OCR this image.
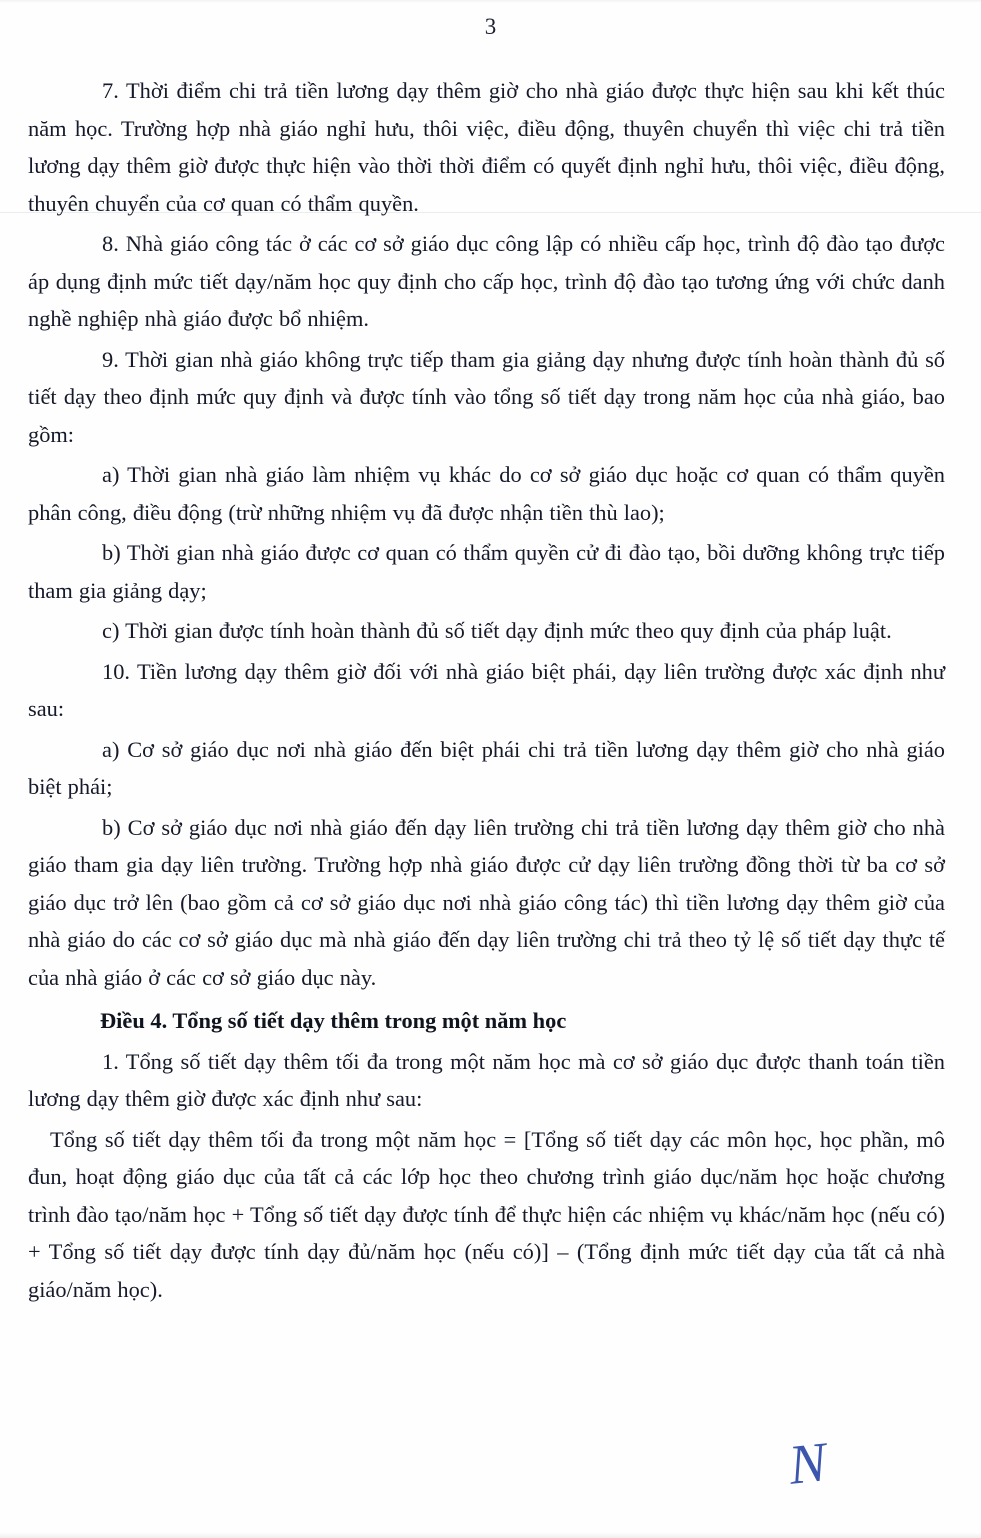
3

7. Thời điểm chi trả tiền lương dạy thêm giờ cho nhà giáo được thực hiện sau khi kết thúc năm học. Trường hợp nhà giáo nghỉ hưu, thôi việc, điều động, thuyên chuyển thì việc chi trả tiền lương dạy thêm giờ được thực hiện vào thời thời điểm có quyết định nghỉ hưu, thôi việc, điều động, thuyên chuyển của cơ quan có thẩm quyền.

8. Nhà giáo công tác ở các cơ sở giáo dục công lập có nhiều cấp học, trình độ đào tạo được áp dụng định mức tiết dạy/năm học quy định cho cấp học, trình độ đào tạo tương ứng với chức danh nghề nghiệp nhà giáo được bổ nhiệm.

9. Thời gian nhà giáo không trực tiếp tham gia giảng dạy nhưng được tính hoàn thành đủ số tiết dạy theo định mức quy định và được tính vào tổng số tiết dạy trong năm học của nhà giáo, bao gồm:

a) Thời gian nhà giáo làm nhiệm vụ khác do cơ sở giáo dục hoặc cơ quan có thẩm quyền phân công, điều động (trừ những nhiệm vụ đã được nhận tiền thù lao);

b) Thời gian nhà giáo được cơ quan có thẩm quyền cử đi đào tạo, bồi dưỡng không trực tiếp tham gia giảng dạy;

c) Thời gian được tính hoàn thành đủ số tiết dạy định mức theo quy định của pháp luật.

10. Tiền lương dạy thêm giờ đối với nhà giáo biệt phái, dạy liên trường được xác định như sau:

a) Cơ sở giáo dục nơi nhà giáo đến biệt phái chi trả tiền lương dạy thêm giờ cho nhà giáo biệt phái;

b) Cơ sở giáo dục nơi nhà giáo đến dạy liên trường chi trả tiền lương dạy thêm giờ cho nhà giáo tham gia dạy liên trường. Trường hợp nhà giáo được cử dạy liên trường đồng thời từ ba cơ sở giáo dục trở lên (bao gồm cả cơ sở giáo dục nơi nhà giáo công tác) thì tiền lương dạy thêm giờ của nhà giáo do các cơ sở giáo dục mà nhà giáo đến dạy liên trường chi trả theo tỷ lệ số tiết dạy thực tế của nhà giáo ở các cơ sở giáo dục này.

Điều 4. Tổng số tiết dạy thêm trong một năm học

1. Tổng số tiết dạy thêm tối đa trong một năm học mà cơ sở giáo dục được thanh toán tiền lương dạy thêm giờ được xác định như sau:

Tổng số tiết dạy thêm tối đa trong một năm học = [Tổng số tiết dạy các môn học, học phần, mô đun, hoạt động giáo dục của tất cả các lớp học theo chương trình giáo dục/năm học hoặc chương trình đào tạo/năm học + Tổng số tiết dạy được tính để thực hiện các nhiệm vụ khác/năm học (nếu có) + Tổng số tiết dạy được tính dạy đủ/năm học (nếu có)] – (Tổng định mức tiết dạy của tất cả nhà giáo/năm học).

N
